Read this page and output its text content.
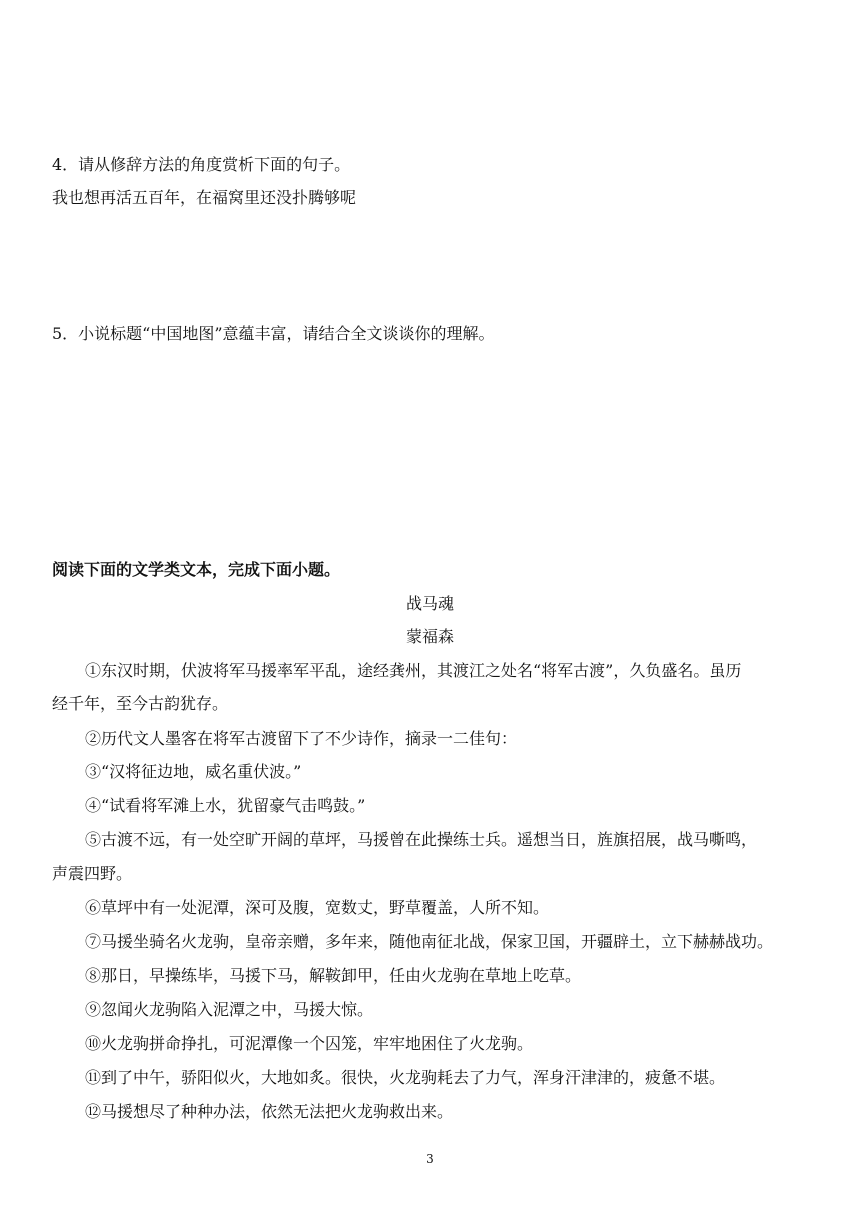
4．请从修辞方法的角度赏析下面的句子。
我也想再活五百年，在福窝里还没扑腾够呢
5．小说标题“中国地图”意蕴丰富，请结合全文谈谈你的理解。
阅读下面的文学类文本，完成下面小题。
战马魂
蒙福森
①东汉时期，伏波将军马援率军平乱，途经龚州，其渡江之处名“将军古渡”，久负盛名。虽历
经千年，至今古韵犹存。
②历代文人墨客在将军古渡留下了不少诗作，摘录一二佳句：
③“汉将征边地，威名重伏波。”
④“试看将军滩上水，犹留豪气击鸣鼓。”
⑤古渡不远，有一处空旷开阔的草坪，马援曾在此操练士兵。遥想当日，旌旗招展，战马嘶鸣，
声震四野。
⑥草坪中有一处泥潭，深可及腹，宽数丈，野草覆盖，人所不知。
⑦马援坐骑名火龙驹，皇帝亲赠，多年来，随他南征北战，保家卫国，开疆辟土，立下赫赫战功。
⑧那日，早操练毕，马援下马，解鞍卸甲，任由火龙驹在草地上吃草。
⑨忽闻火龙驹陷入泥潭之中，马援大惊。
⑩火龙驹拼命挣扎，可泥潭像一个囚笼，牢牢地困住了火龙驹。
⑪到了中午，骄阳似火，大地如炙。很快，火龙驹耗去了力气，浑身汗津津的，疲惫不堪。
⑫马援想尽了种种办法，依然无法把火龙驹救出来。
3
